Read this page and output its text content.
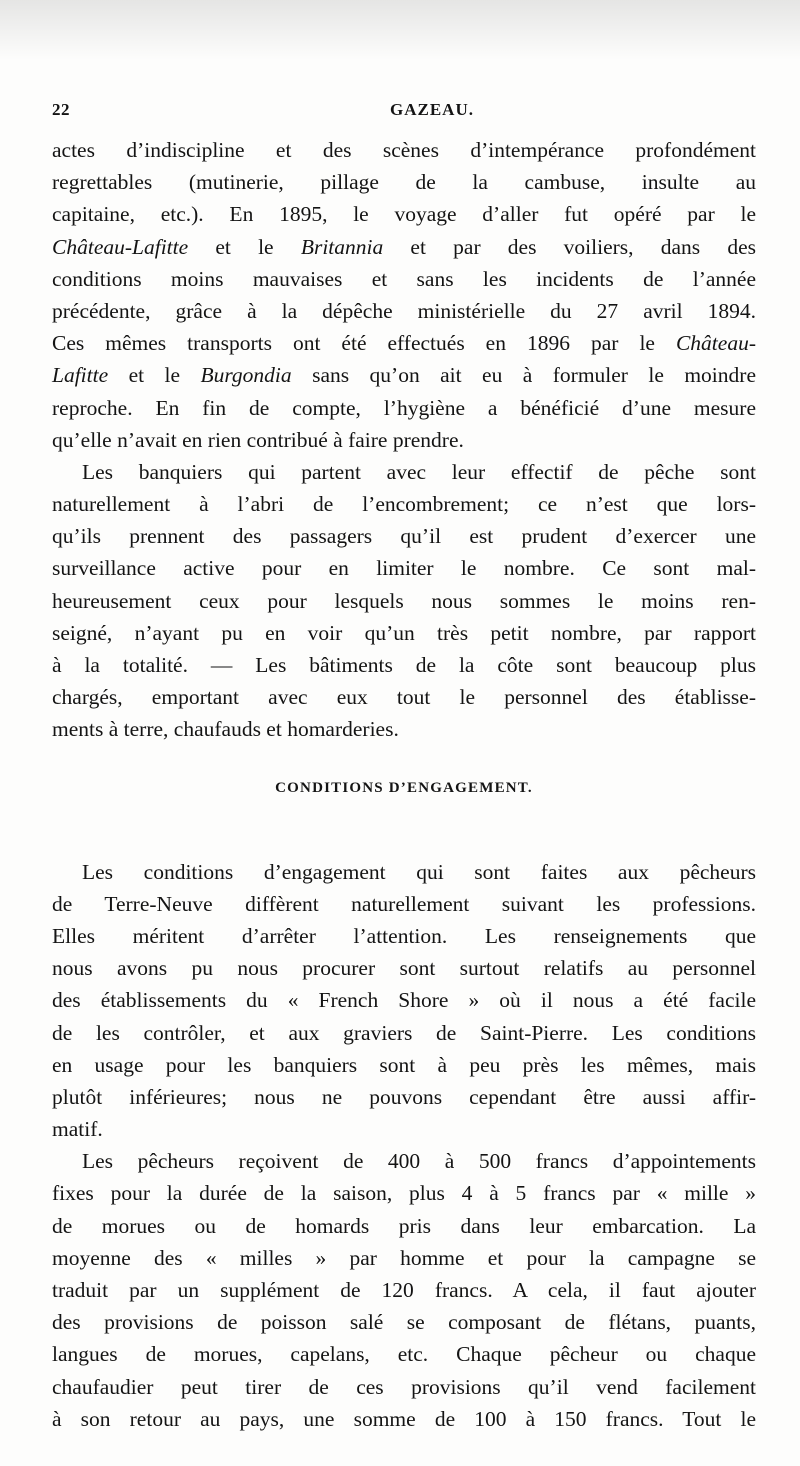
22	GAZEAU.
actes d’indiscipline et des scènes d’intempérance profondément
regrettables (mutinerie, pillage de la cambuse, insulte au
capitaine, etc.). En 1895, le voyage d’aller fut opéré par le
Château-Lafitte et le Britannia et par des voiliers, dans des
conditions moins mauvaises et sans les incidents de l’année
précédente, grâce à la dépêche ministérielle du 27 avril 1894.
Ces mêmes transports ont été effectués en 1896 par le Château-
Lafitte et le Burgondia sans qu’on ait eu à formuler le moindre
reproche. En fin de compte, l’hygiène a bénéficié d’une mesure
qu’elle n’avait en rien contribué à faire prendre.
Les banquiers qui partent avec leur effectif de pêche sont
naturellement à l’abri de l’encombrement; ce n’est que lors-
qu’ils prennent des passagers qu’il est prudent d’exercer une
surveillance active pour en limiter le nombre. Ce sont mal-
heureusement ceux pour lesquels nous sommes le moins ren-
seigné, n’ayant pu en voir qu’un très petit nombre, par rapport
à la totalité. — Les bâtiments de la côte sont beaucoup plus
chargés, emportant avec eux tout le personnel des établisse-
ments à terre, chaufauds et homarderies.
CONDITIONS D’ENGAGEMENT.
Les conditions d’engagement qui sont faites aux pêcheurs
de Terre-Neuve diffèrent naturellement suivant les professions.
Elles méritent d’arrêter l’attention. Les renseignements que
nous avons pu nous procurer sont surtout relatifs au personnel
des établissements du « French Shore » où il nous a été facile
de les contrôler, et aux graviers de Saint-Pierre. Les conditions
en usage pour les banquiers sont à peu près les mêmes, mais
plutôt inférieures; nous ne pouvons cependant être aussi affir-
matif.
Les pêcheurs reçoivent de 400 à 500 francs d’appointements
fixes pour la durée de la saison, plus 4 à 5 francs par « mille »
de morues ou de homards pris dans leur embarcation. La
moyenne des « milles » par homme et pour la campagne se
traduit par un supplément de 120 francs. A cela, il faut ajouter
des provisions de poisson salé se composant de flétans, puants,
langues de morues, capelans, etc. Chaque pêcheur ou chaque
chaufaudier peut tirer de ces provisions qu’il vend facilement
à son retour au pays, une somme de 100 à 150 francs. Tout le
